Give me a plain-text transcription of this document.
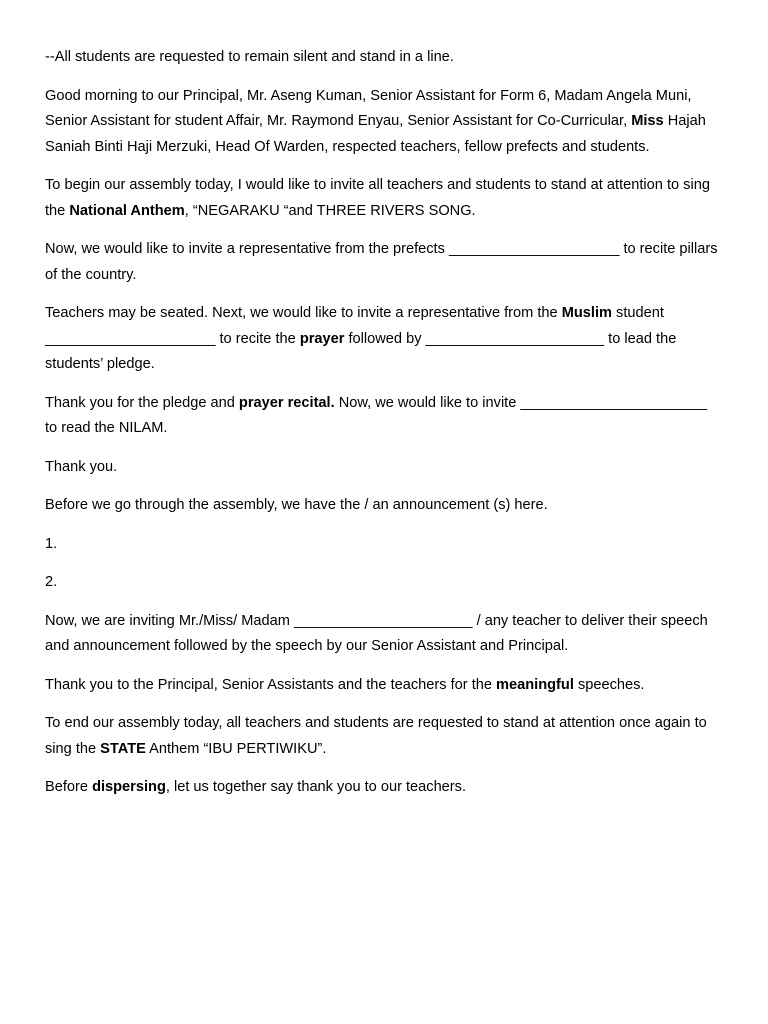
--All students are requested to remain silent and stand in a line.

Good morning to our Principal, Mr. Aseng Kuman, Senior Assistant for Form 6, Madam Angela Muni, Senior Assistant for student Affair, Mr. Raymond Enyau, Senior Assistant for Co-Curricular, Miss Hajah Saniah Binti Haji Merzuki, Head Of Warden, respected teachers, fellow prefects and students.

To begin our assembly today, I would like to invite all teachers and students to stand at attention to sing the National Anthem, “NEGARAKU “and THREE RIVERS SONG.

Now, we would like to invite a representative from the prefects _____________________ to recite pillars of the country.

Teachers may be seated. Next, we would like to invite a representative from the Muslim student _____________________ to recite the prayer followed by ______________________ to lead the students’ pledge.

Thank you for the pledge and prayer recital. Now, we would like to invite _______________________ to read the NILAM.

Thank you.

Before we go through the assembly, we have the / an announcement (s) here.

1.

2.

Now, we are inviting Mr./Miss/ Madam ______________________ / any teacher to deliver their speech and announcement followed by the speech by our Senior Assistant and Principal.

Thank you to the Principal, Senior Assistants and the teachers for the meaningful speeches.

To end our assembly today, all teachers and students are requested to stand at attention once again to sing the STATE Anthem “IBU PERTIWIKU”.

Before dispersing, let us together say thank you to our teachers.
